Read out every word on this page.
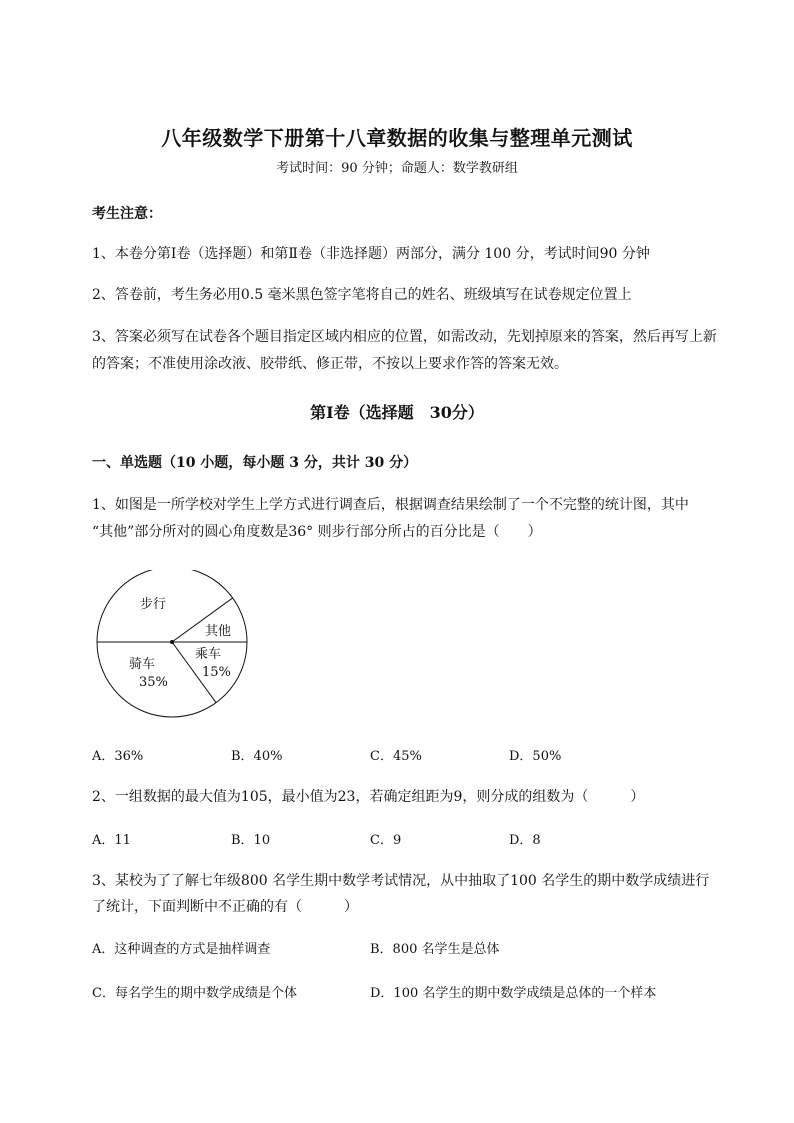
八年级数学下册第十八章数据的收集与整理单元测试
考试时间：90 分钟；命题人：数学教研组
考生注意：
1、本卷分第Ⅰ卷（选择题）和第Ⅱ卷（非选择题）两部分，满分 100 分，考试时间90 分钟
2、答卷前，考生务必用0.5 毫米黑色签字笔将自己的姓名、班级填写在试卷规定位置上
3、答案必须写在试卷各个题目指定区域内相应的位置，如需改动，先划掉原来的答案，然后再写上新
的答案；不准使用涂改液、胶带纸、修正带，不按以上要求作答的答案无效。
第Ⅰ卷（选择题　30分）
一、单选题（10 小题，每小题 3 分，共计 30 分）
1、如图是一所学校对学生上学方式进行调查后，根据调查结果绘制了一个不完整的统计图，其中
“其他”部分所对的圆心角度数是36° 则步行部分所占的百分比是（　　）
步行
其他
乘车
15%
骑车
35%
A．36%	B．40%	C．45%	D．50%
2、一组数据的最大值为105，最小值为23，若确定组距为9，则分成的组数为（　　　）
A．11	B．10	C．9	D．8
3、某校为了了解七年级800 名学生期中数学考试情况，从中抽取了100 名学生的期中数学成绩进行
了统计，下面判断中不正确的有（　　　）
A．这种调查的方式是抽样调查	B．800 名学生是总体
C．每名学生的期中数学成绩是个体	D．100 名学生的期中数学成绩是总体的一个样本
